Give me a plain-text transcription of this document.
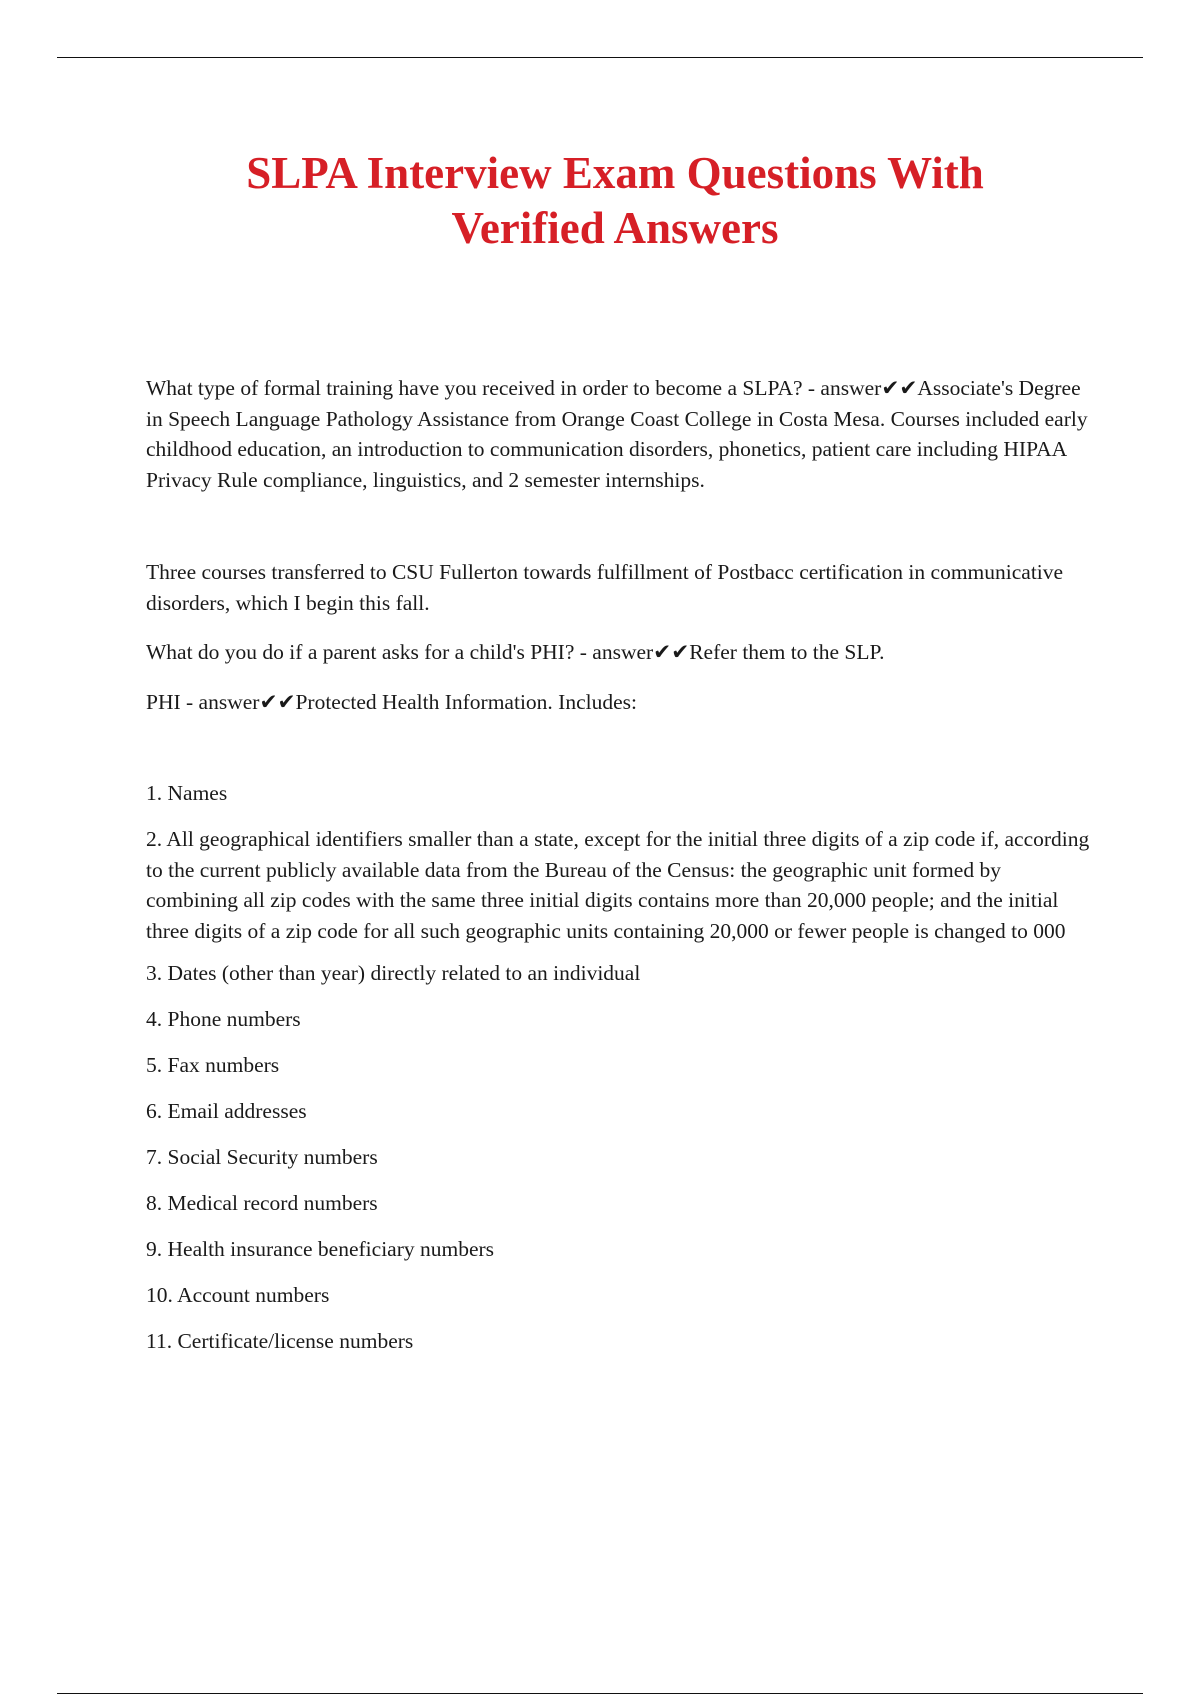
SLPA Interview Exam Questions With
Verified Answers

What type of formal training have you received in order to become a SLPA? - answer✔✔Associate's Degree in Speech Language Pathology Assistance from Orange Coast College in Costa Mesa. Courses included early childhood education, an introduction to communication disorders, phonetics, patient care including HIPAA Privacy Rule compliance, linguistics, and 2 semester internships.

Three courses transferred to CSU Fullerton towards fulfillment of Postbacc certification in communicative disorders, which I begin this fall.

What do you do if a parent asks for a child's PHI? - answer✔✔Refer them to the SLP.

PHI - answer✔✔Protected Health Information. Includes:

1. Names
2. All geographical identifiers smaller than a state, except for the initial three digits of a zip code if, according to the current publicly available data from the Bureau of the Census: the geographic unit formed by combining all zip codes with the same three initial digits contains more than 20,000 people; and the initial three digits of a zip code for all such geographic units containing 20,000 or fewer people is changed to 000
3. Dates (other than year) directly related to an individual
4. Phone numbers
5. Fax numbers
6. Email addresses
7. Social Security numbers
8. Medical record numbers
9. Health insurance beneficiary numbers
10. Account numbers
11. Certificate/license numbers
